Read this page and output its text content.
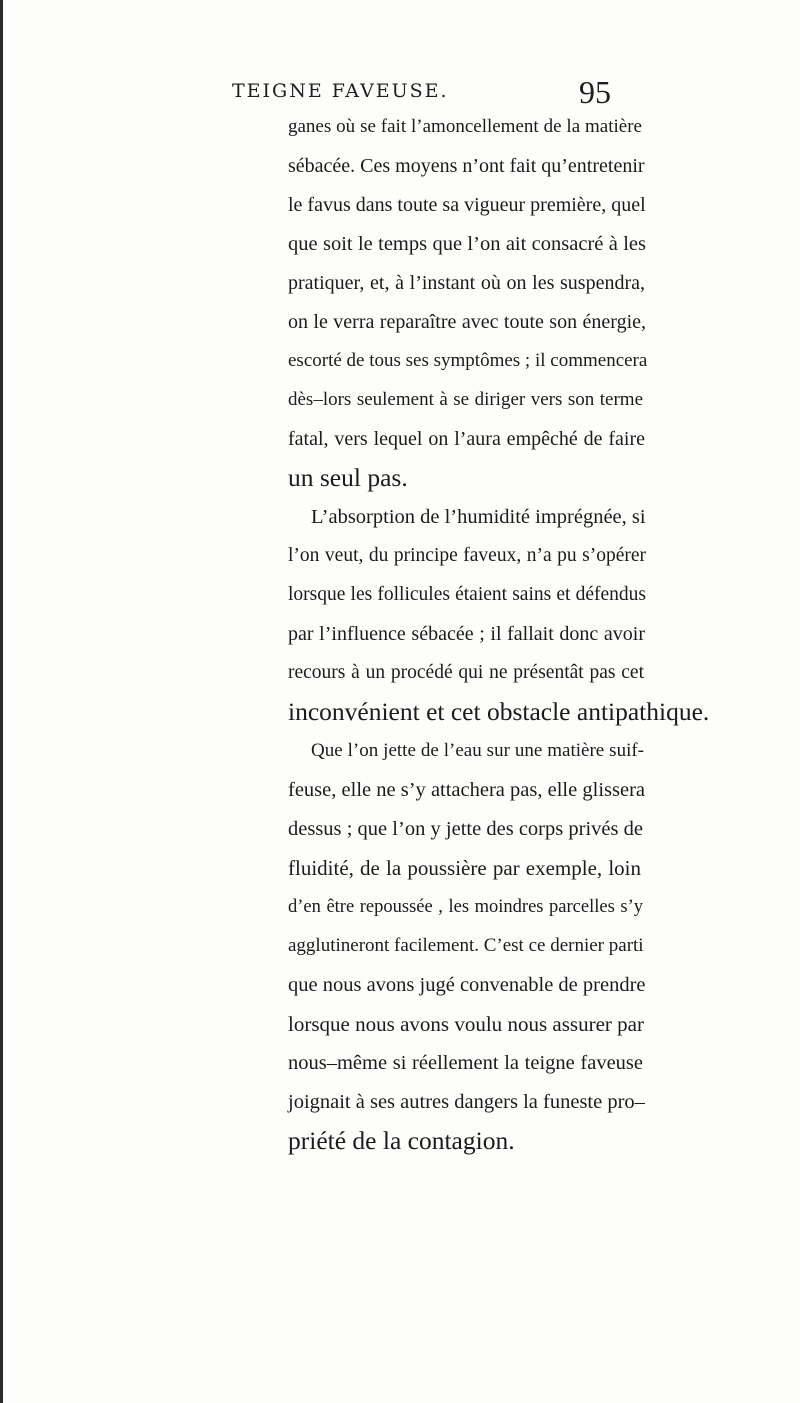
TEIGNE FAVEUSE.	95
ganes où se fait l’amoncellement de la matière
sébacée. Ces moyens n’ont fait qu’entretenir
le favus dans toute sa vigueur première, quel
que soit le temps que l’on ait consacré à les
pratiquer, et, à l’instant où on les suspendra,
on le verra reparaître avec toute son énergie,
escorté de tous ses symptômes ; il commencera
dès–lors seulement à se diriger vers son terme
fatal, vers lequel on l’aura empêché de faire
un seul pas.
L’absorption de l’humidité imprégnée, si
l’on veut, du principe faveux, n’a pu s’opérer
lorsque les follicules étaient sains et défendus
par l’influence sébacée ; il fallait donc avoir
recours à un procédé qui ne présentât pas cet
inconvénient et cet obstacle antipathique.
Que l’on jette de l’eau sur une matière suif-
feuse, elle ne s’y attachera pas, elle glissera
dessus ; que l’on y jette des corps privés de
fluidité, de la poussière par exemple, loin
d’en être repoussée , les moindres parcelles s’y
agglutineront facilement. C’est ce dernier parti
que nous avons jugé convenable de prendre
lorsque nous avons voulu nous assurer par
nous–même si réellement la teigne faveuse
joignait à ses autres dangers la funeste pro–
priété de la contagion.
